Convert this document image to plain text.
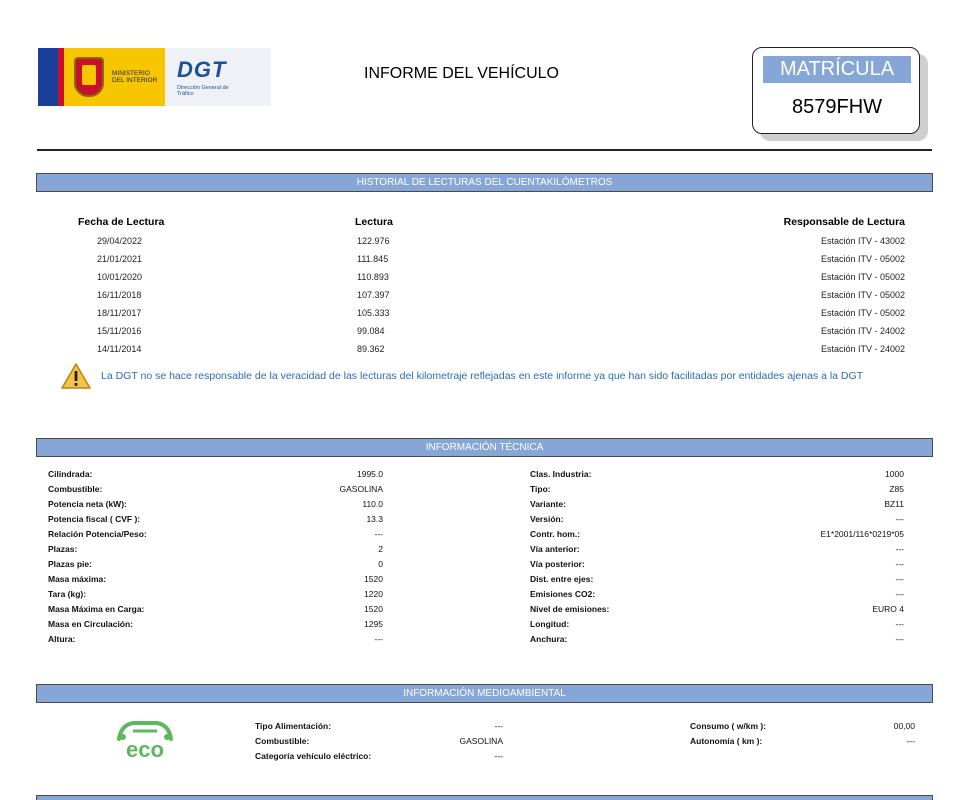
MINISTERIO DEL INTERIOR DGT
Dirección General de Tráfico
INFORME DEL VEHÍCULO	MATRÍCULA
8579FHW
HISTORIAL DE LECTURAS DEL CUENTAKILÓMETROS
Fecha de Lectura	Lectura	Responsable de Lectura
29/04/2022	122.976	Estación ITV - 43002
21/01/2021	111.845	Estación ITV - 05002
10/01/2020	110.893	Estación ITV - 05002
16/11/2018	107.397	Estación ITV - 05002
18/11/2017	105.333	Estación ITV - 05002
15/11/2016	99.084	Estación ITV - 24002
14/11/2014	89.362	Estación ITV - 24002
La DGT no se hace responsable de la veracidad de las lecturas del kilometraje reflejadas en este informe ya que han sido facilitadas por entidades ajenas a la DGT
INFORMACIÓN TÉCNICA
Cilindrada:	1995.0
Combustible:	GASOLINA
Potencia neta (kW):	110.0
Potencia fiscal ( CVF ):	13.3
Relación Potencia/Peso:	---
Plazas:	2
Plazas pie:	0
Masa máxima:	1520
Tara (kg):	1220
Masa Máxima en Carga:	1520
Masa en Circulación:	1295
Altura:	---
Clas. Industria:	1000
Tipo:	Z85
Variante:	BZ11
Versión:	---
Contr. hom.:	E1*2001/116*0219*05
Vía anterior:	---
Vía posterior:	---
Dist. entre ejes:	---
Emisiones CO2:	---
Nivel de emisiones:	EURO 4
Longitud:	---
Anchura:	---
INFORMACIÓN MEDIOAMBIENTAL
eco
Tipo Alimentación:	---
Combustible:	GASOLINA
Categoría vehículo eléctrico:	---
Consumo ( w/km ):	00,00
Autonomía ( km ):	---
